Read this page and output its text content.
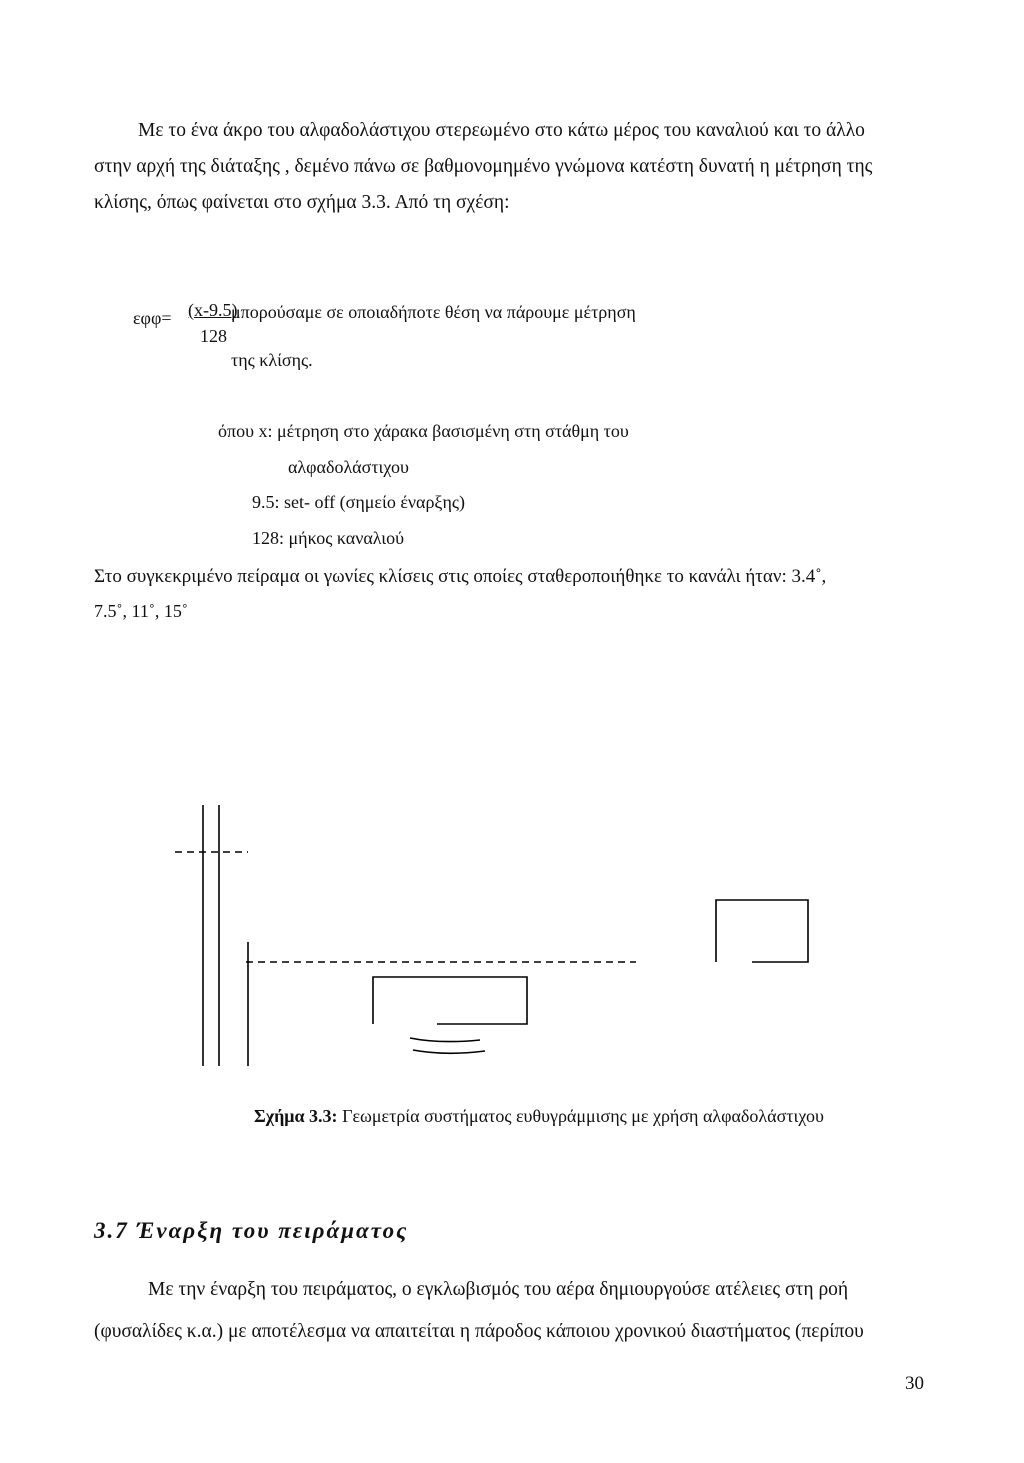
Με το ένα άκρο του αλφαδολάστιχου στερεωμένο στο κάτω μέρος του καναλιού και το άλλο
στην αρχή της διάταξης , δεμένο πάνω σε βαθμονομημένο γνώμονα κατέστη δυνατή η μέτρηση της
κλίσης, όπως φαίνεται στο σχήμα 3.3. Από τη σχέση:
εφφ= (x-9.5)
128
μπορούσαμε σε οποιαδήποτε θέση να πάρουμε μέτρηση
της κλίσης.
όπου x: μέτρηση στο χάρακα βασισμένη στη στάθμη του
αλφαδολάστιχου
9.5: set- off (σημείο έναρξης)
128: μήκος καναλιού
Στο συγκεκριμένο πείραμα οι γωνίες κλίσεις στις οποίες σταθεροποιήθηκε το κανάλι ήταν: 3.4˚,
7.5˚, 11˚, 15˚
Σχήμα 3.3: Γεωμετρία συστήματος ευθυγράμμισης με χρήση αλφαδολάστιχου
3.7 Έναρξη του πειράματος
Με την έναρξη του πειράματος, ο εγκλωβισμός του αέρα δημιουργούσε ατέλειες στη ροή
(φυσαλίδες κ.α.) με αποτέλεσμα να απαιτείται η πάροδος κάποιου χρονικού διαστήματος (περίπου
30
